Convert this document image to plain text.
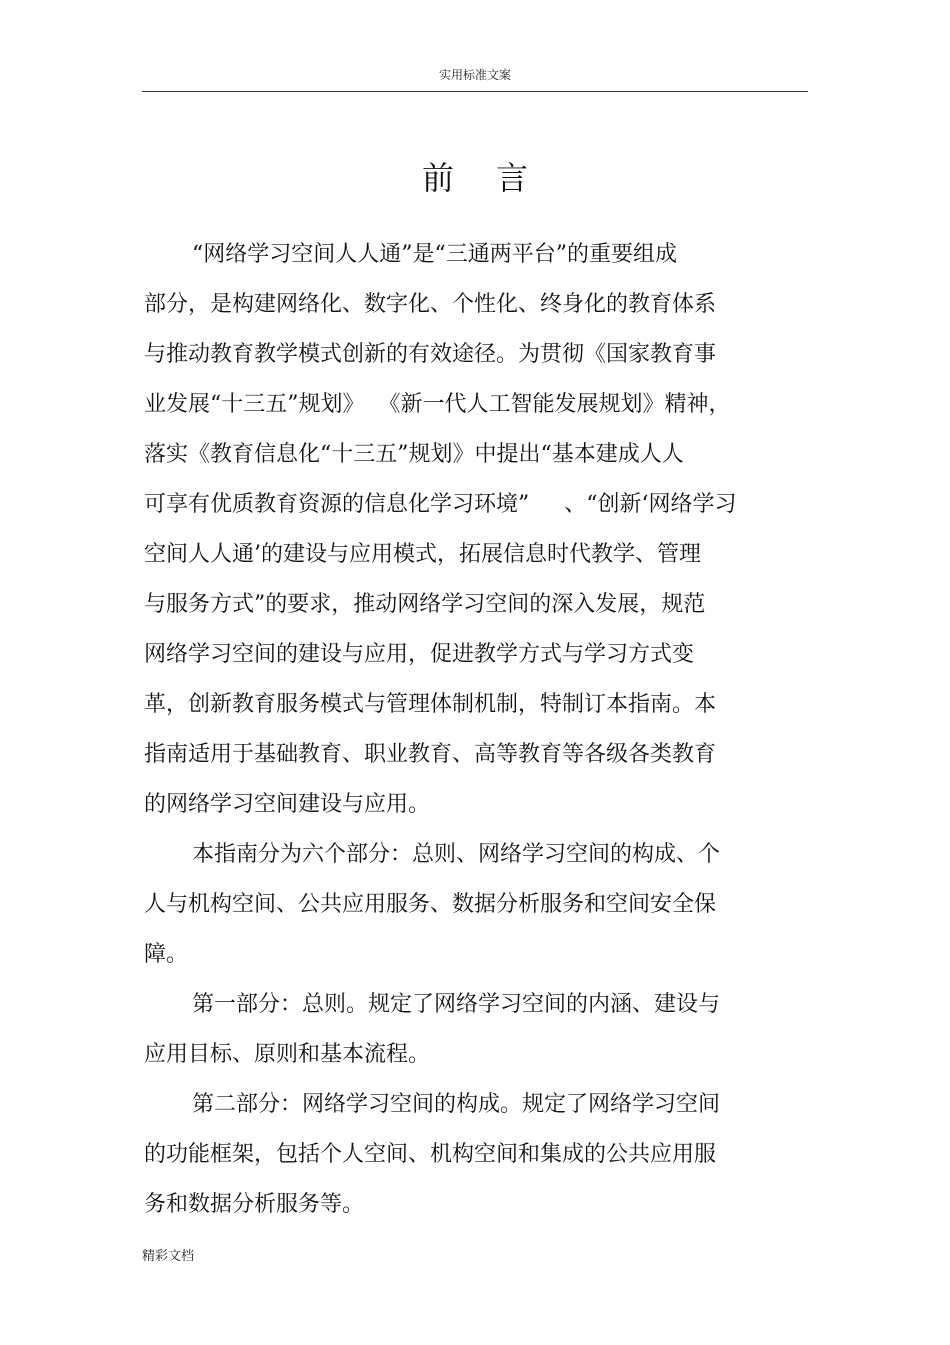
实用标准文案
前言
“网络学习空间人人通”是“三通两平台”的重要组成
部分，是构建网络化、数字化、个性化、终身化的教育体系
与推动教育教学模式创新的有效途径。为贯彻《国家教育事
业发展“十三五”规划》  《新一代人工智能发展规划》精神，
落实《教育信息化“十三五”规划》中提出“基本建成人人
可享有优质教育资源的信息化学习环境”     、“创新‘网络学习
空间人人通’的建设与应用模式，拓展信息时代教学、管理
与服务方式”的要求，推动网络学习空间的深入发展，规范
网络学习空间的建设与应用，促进教学方式与学习方式变
革，创新教育服务模式与管理体制机制，特制订本指南。本
指南适用于基础教育、职业教育、高等教育等各级各类教育
的网络学习空间建设与应用。
本指南分为六个部分：总则、网络学习空间的构成、个
人与机构空间、公共应用服务、数据分析服务和空间安全保
障。
第一部分：总则。规定了网络学习空间的内涵、建设与
应用目标、原则和基本流程。
第二部分：网络学习空间的构成。规定了网络学习空间
的功能框架，包括个人空间、机构空间和集成的公共应用服
务和数据分析服务等。
精彩文档
